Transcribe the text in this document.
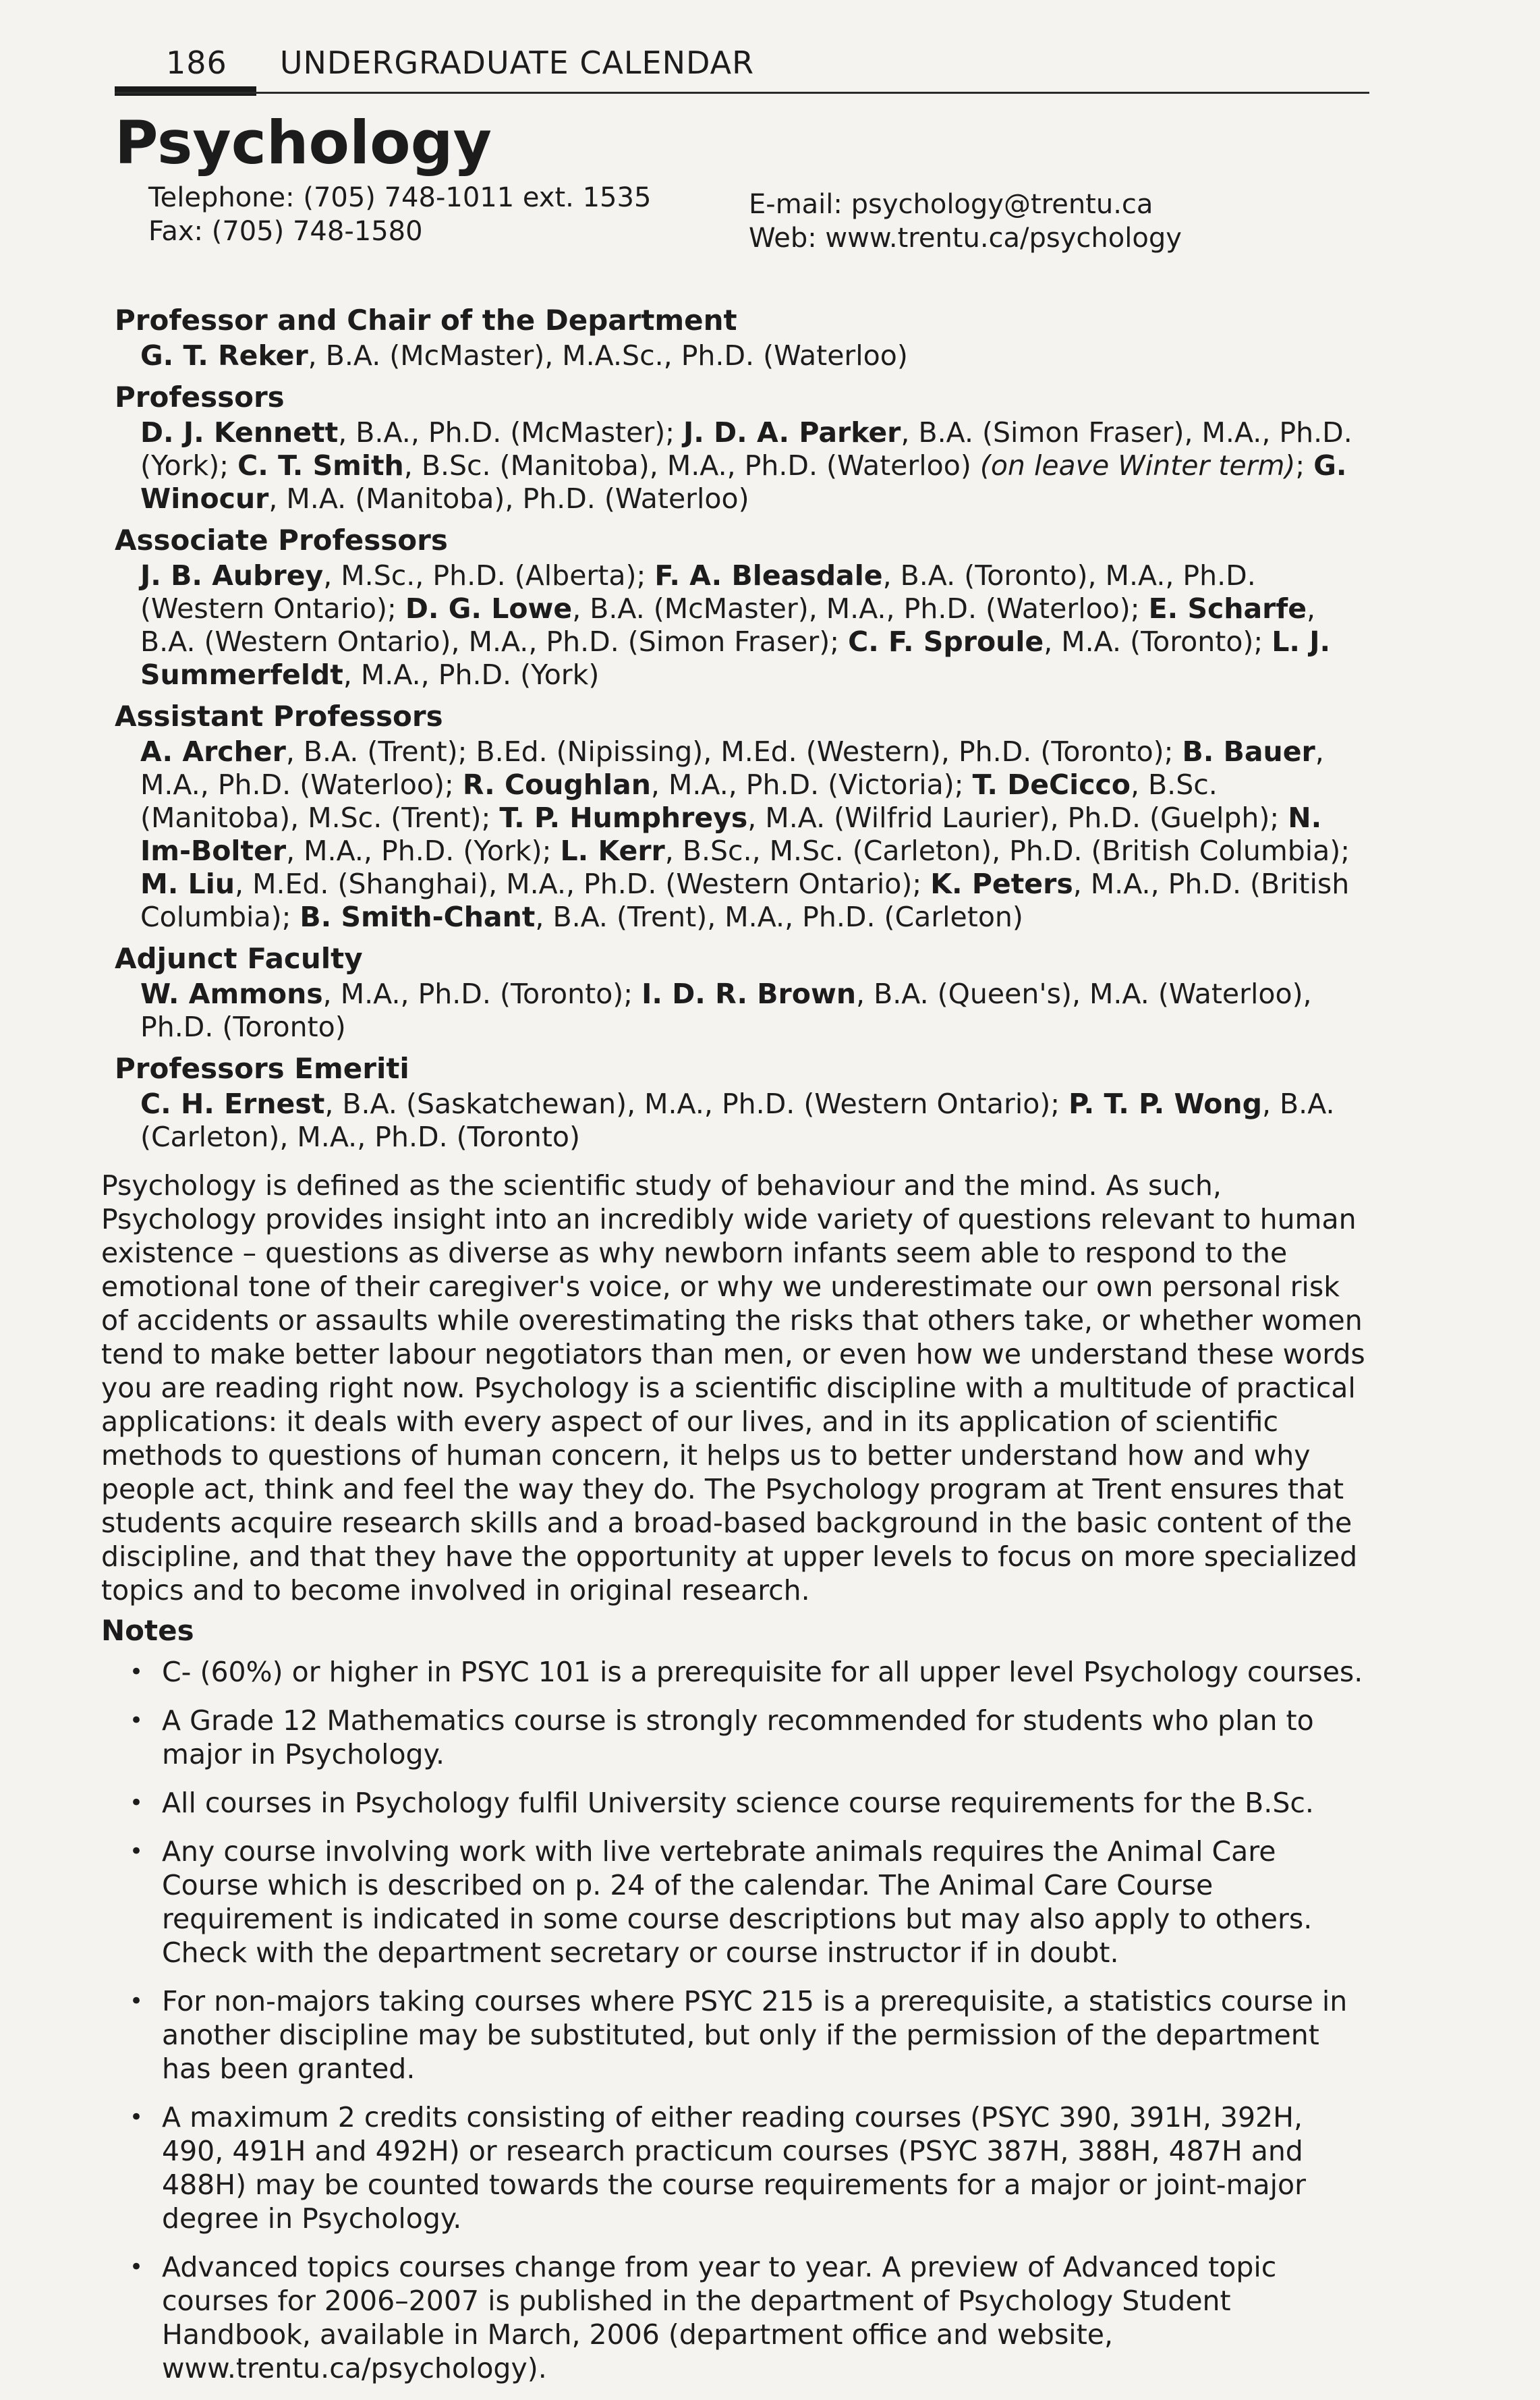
186 UNDERGRADUATE CALENDAR
Psychology
Telephone: (705) 748-1011 ext. 1535
Fax: (705) 748-1580
E-mail: psychology@trentu.ca
Web: www.trentu.ca/psychology
Professor and Chair of the Department
G. T. Reker, B.A. (McMaster), M.A.Sc., Ph.D. (Waterloo)
Professors
D. J. Kennett, B.A., Ph.D. (McMaster); J. D. A. Parker, B.A. (Simon Fraser), M.A., Ph.D. (York); C. T. Smith, B.Sc. (Manitoba), M.A., Ph.D. (Waterloo) (on leave Winter term); G. Winocur, M.A. (Manitoba), Ph.D. (Waterloo)
Associate Professors
J. B. Aubrey, M.Sc., Ph.D. (Alberta); F. A. Bleasdale, B.A. (Toronto), M.A., Ph.D. (Western Ontario); D. G. Lowe, B.A. (McMaster), M.A., Ph.D. (Waterloo); E. Scharfe, B.A. (Western Ontario), M.A., Ph.D. (Simon Fraser); C. F. Sproule, M.A. (Toronto); L. J. Summerfeldt, M.A., Ph.D. (York)
Assistant Professors
A. Archer, B.A. (Trent); B.Ed. (Nipissing), M.Ed. (Western), Ph.D. (Toronto); B. Bauer, M.A., Ph.D. (Waterloo); R. Coughlan, M.A., Ph.D. (Victoria); T. DeCicco, B.Sc. (Manitoba), M.Sc. (Trent); T. P. Humphreys, M.A. (Wilfrid Laurier), Ph.D. (Guelph); N. Im-Bolter, M.A., Ph.D. (York); L. Kerr, B.Sc., M.Sc. (Carleton), Ph.D. (British Columbia); M. Liu, M.Ed. (Shanghai), M.A., Ph.D. (Western Ontario); K. Peters, M.A., Ph.D. (British Columbia); B. Smith-Chant, B.A. (Trent), M.A., Ph.D. (Carleton)
Adjunct Faculty
W. Ammons, M.A., Ph.D. (Toronto); I. D. R. Brown, B.A. (Queen's), M.A. (Waterloo), Ph.D. (Toronto)
Professors Emeriti
C. H. Ernest, B.A. (Saskatchewan), M.A., Ph.D. (Western Ontario); P. T. P. Wong, B.A. (Carleton), M.A., Ph.D. (Toronto)
Psychology is defined as the scientific study of behaviour and the mind. As such, Psychology provides insight into an incredibly wide variety of questions relevant to human existence – questions as diverse as why newborn infants seem able to respond to the emotional tone of their caregiver's voice, or why we underestimate our own personal risk of accidents or assaults while overestimating the risks that others take, or whether women tend to make better labour negotiators than men, or even how we understand these words you are reading right now. Psychology is a scientific discipline with a multitude of practical applications: it deals with every aspect of our lives, and in its application of scientific methods to questions of human concern, it helps us to better understand how and why people act, think and feel the way they do. The Psychology program at Trent ensures that students acquire research skills and a broad-based background in the basic content of the discipline, and that they have the opportunity at upper levels to focus on more specialized topics and to become involved in original research.
Notes
• C- (60%) or higher in PSYC 101 is a prerequisite for all upper level Psychology courses.
• A Grade 12 Mathematics course is strongly recommended for students who plan to major in Psychology.
• All courses in Psychology fulfil University science course requirements for the B.Sc.
• Any course involving work with live vertebrate animals requires the Animal Care Course which is described on p. 24 of the calendar. The Animal Care Course requirement is indicated in some course descriptions but may also apply to others. Check with the department secretary or course instructor if in doubt.
• For non-majors taking courses where PSYC 215 is a prerequisite, a statistics course in another discipline may be substituted, but only if the permission of the department has been granted.
• A maximum 2 credits consisting of either reading courses (PSYC 390, 391H, 392H, 490, 491H and 492H) or research practicum courses (PSYC 387H, 388H, 487H and 488H) may be counted towards the course requirements for a major or joint-major degree in Psychology.
• Advanced topics courses change from year to year. A preview of Advanced topic courses for 2006–2007 is published in the department of Psychology Student Handbook, available in March, 2006 (department office and website, www.trentu.ca/psychology).
